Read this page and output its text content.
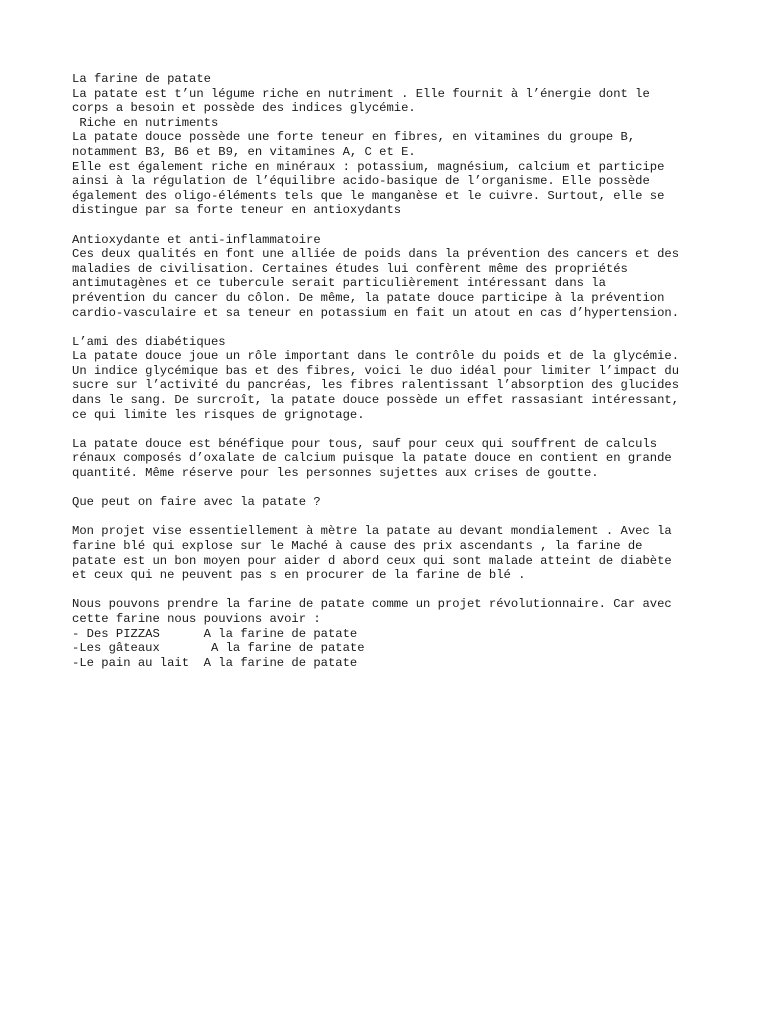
La farine de patate
La patate est t’un légume riche en nutriment . Elle fournit à l’énergie dont le
corps a besoin et possède des indices glycémie.
Riche en nutriments
La patate douce possède une forte teneur en fibres, en vitamines du groupe B,
notamment B3, B6 et B9, en vitamines A, C et E.
Elle est également riche en minéraux : potassium, magnésium, calcium et participe
ainsi à la régulation de l’équilibre acido-basique de l’organisme. Elle possède
également des oligo-éléments tels que le manganèse et le cuivre. Surtout, elle se
distingue par sa forte teneur en antioxydants
Antioxydante et anti-inflammatoire
Ces deux qualités en font une alliée de poids dans la prévention des cancers et des
maladies de civilisation. Certaines études lui confèrent même des propriétés
antimutagènes et ce tubercule serait particulièrement intéressant dans la
prévention du cancer du côlon. De même, la patate douce participe à la prévention
cardio-vasculaire et sa teneur en potassium en fait un atout en cas d’hypertension.
L’ami des diabétiques
La patate douce joue un rôle important dans le contrôle du poids et de la glycémie.
Un indice glycémique bas et des fibres, voici le duo idéal pour limiter l’impact du
sucre sur l’activité du pancréas, les fibres ralentissant l’absorption des glucides
dans le sang. De surcroît, la patate douce possède un effet rassasiant intéressant,
ce qui limite les risques de grignotage.
La patate douce est bénéfique pour tous, sauf pour ceux qui souffrent de calculs
rénaux composés d’oxalate de calcium puisque la patate douce en contient en grande
quantité. Même réserve pour les personnes sujettes aux crises de goutte.
Que peut on faire avec la patate ?
Mon projet vise essentiellement à mètre la patate au devant mondialement . Avec la
farine blé qui explose sur le Maché à cause des prix ascendants , la farine de
patate est un bon moyen pour aider d abord ceux qui sont malade atteint de diabète
et ceux qui ne peuvent pas s en procurer de la farine de blé .
Nous pouvons prendre la farine de patate comme un projet révolutionnaire. Car avec
cette farine nous pouvions avoir :
- Des PIZZAS      A la farine de patate
-Les gâteaux       A la farine de patate
-Le pain au lait  A la farine de patate
